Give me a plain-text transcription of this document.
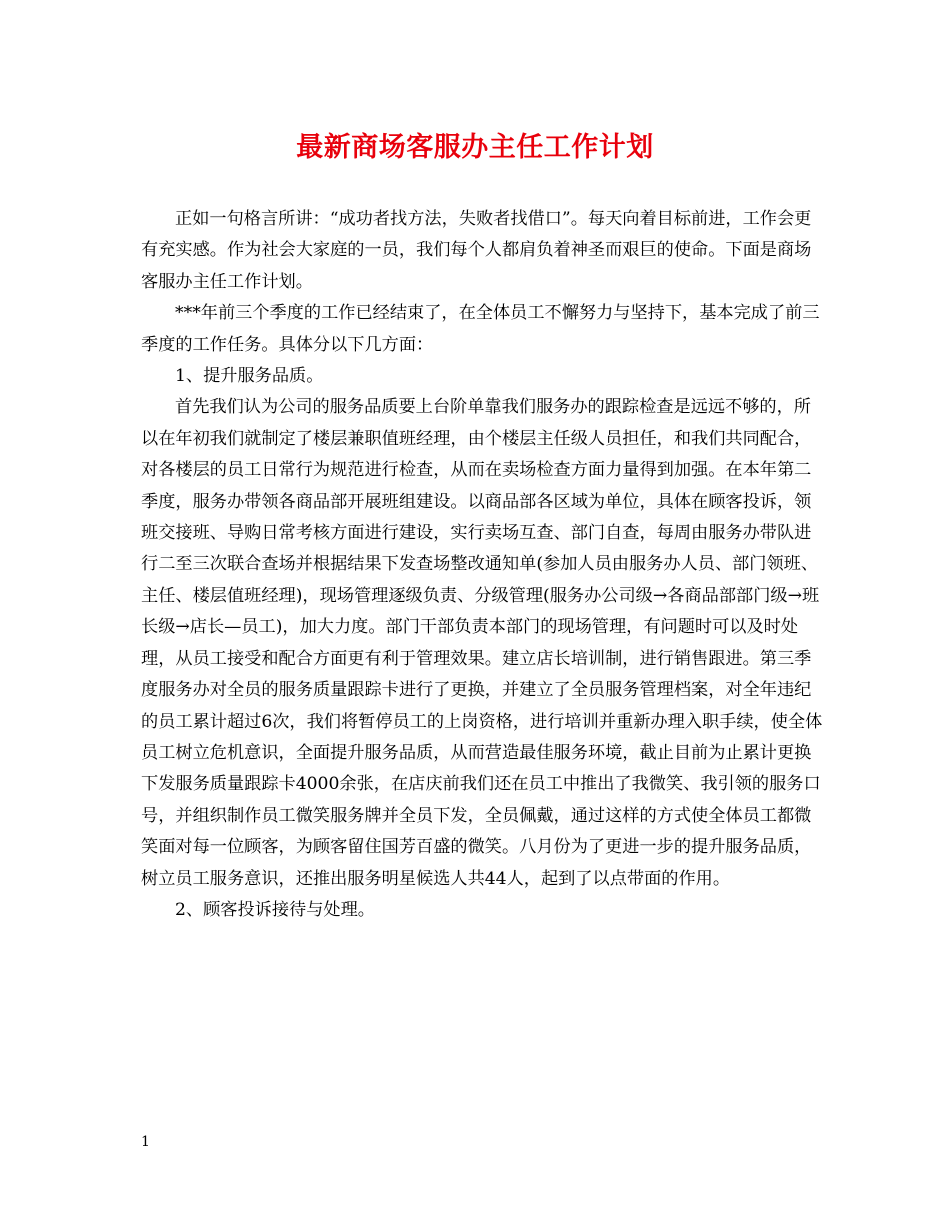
最新商场客服办主任工作计划

正如一句格言所讲：“成功者找方法，失败者找借口”。每天向着目标前进，工作会更有充实感。作为社会大家庭的一员，我们每个人都肩负着神圣而艰巨的使命。下面是商场客服办主任工作计划。

***年前三个季度的工作已经结束了，在全体员工不懈努力与坚持下，基本完成了前三季度的工作任务。具体分以下几方面：

1、提升服务品质。

首先我们认为公司的服务品质要上台阶单靠我们服务办的跟踪检查是远远不够的，所以在年初我们就制定了楼层兼职值班经理，由个楼层主任级人员担任，和我们共同配合，对各楼层的员工日常行为规范进行检查，从而在卖场检查方面力量得到加强。在本年第二季度，服务办带领各商品部开展班组建设。以商品部各区域为单位，具体在顾客投诉，领班交接班、导购日常考核方面进行建设，实行卖场互查、部门自查，每周由服务办带队进行二至三次联合查场并根据结果下发查场整改通知单(参加人员由服务办人员、部门领班、主任、楼层值班经理)，现场管理逐级负责、分级管理(服务办公司级→各商品部部门级→班长级→店长—员工)，加大力度。部门干部负责本部门的现场管理，有问题时可以及时处理，从员工接受和配合方面更有利于管理效果。建立店长培训制，进行销售跟进。第三季度服务办对全员的服务质量跟踪卡进行了更换，并建立了全员服务管理档案，对全年违纪的员工累计超过6次，我们将暂停员工的上岗资格，进行培训并重新办理入职手续，使全体员工树立危机意识，全面提升服务品质，从而营造最佳服务环境，截止目前为止累计更换下发服务质量跟踪卡4000余张，在店庆前我们还在员工中推出了我微笑、我引领的服务口号，并组织制作员工微笑服务牌并全员下发，全员佩戴，通过这样的方式使全体员工都微笑面对每一位顾客，为顾客留住国芳百盛的微笑。八月份为了更进一步的提升服务品质，树立员工服务意识，还推出服务明星候选人共44人，起到了以点带面的作用。

2、顾客投诉接待与处理。

1
